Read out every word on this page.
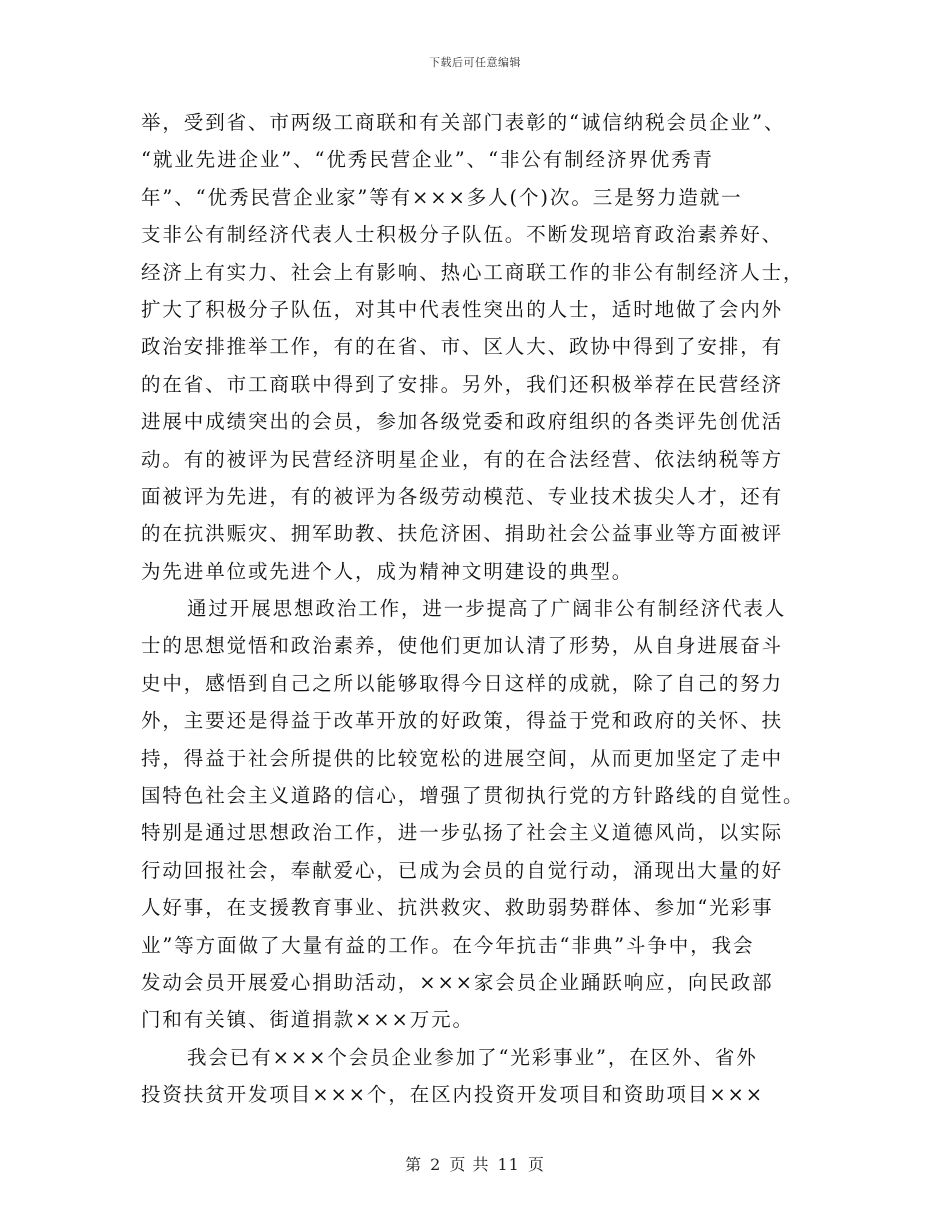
下载后可任意编辑
举，受到省、市两级工商联和有关部门表彰的“诚信纳税会员企业”、
“就业先进企业”、“优秀民营企业”、“非公有制经济界优秀青
年”、“优秀民营企业家”等有×××多人(个)次。三是努力造就一
支非公有制经济代表人士积极分子队伍。不断发现培育政治素养好、
经济上有实力、社会上有影响、热心工商联工作的非公有制经济人士，
扩大了积极分子队伍，对其中代表性突出的人士，适时地做了会内外
政治安排推举工作，有的在省、市、区人大、政协中得到了安排，有
的在省、市工商联中得到了安排。另外，我们还积极举荐在民营经济
进展中成绩突出的会员，参加各级党委和政府组织的各类评先创优活
动。有的被评为民营经济明星企业，有的在合法经营、依法纳税等方
面被评为先进，有的被评为各级劳动模范、专业技术拔尖人才，还有
的在抗洪赈灾、拥军助教、扶危济困、捐助社会公益事业等方面被评
为先进单位或先进个人，成为精神文明建设的典型。
通过开展思想政治工作，进一步提高了广阔非公有制经济代表人
士的思想觉悟和政治素养，使他们更加认清了形势，从自身进展奋斗
史中，感悟到自己之所以能够取得今日这样的成就，除了自己的努力
外，主要还是得益于改革开放的好政策，得益于党和政府的关怀、扶
持，得益于社会所提供的比较宽松的进展空间，从而更加坚定了走中
国特色社会主义道路的信心，增强了贯彻执行党的方针路线的自觉性。
特别是通过思想政治工作，进一步弘扬了社会主义道德风尚，以实际
行动回报社会，奉献爱心，已成为会员的自觉行动，涌现出大量的好
人好事，在支援教育事业、抗洪救灾、救助弱势群体、参加“光彩事
业”等方面做了大量有益的工作。在今年抗击“非典”斗争中，我会
发动会员开展爱心捐助活动，×××家会员企业踊跃响应，向民政部
门和有关镇、街道捐款×××万元。
我会已有×××个会员企业参加了“光彩事业”，在区外、省外
投资扶贫开发项目×××个，在区内投资开发项目和资助项目×××
第 2 页 共 11 页
